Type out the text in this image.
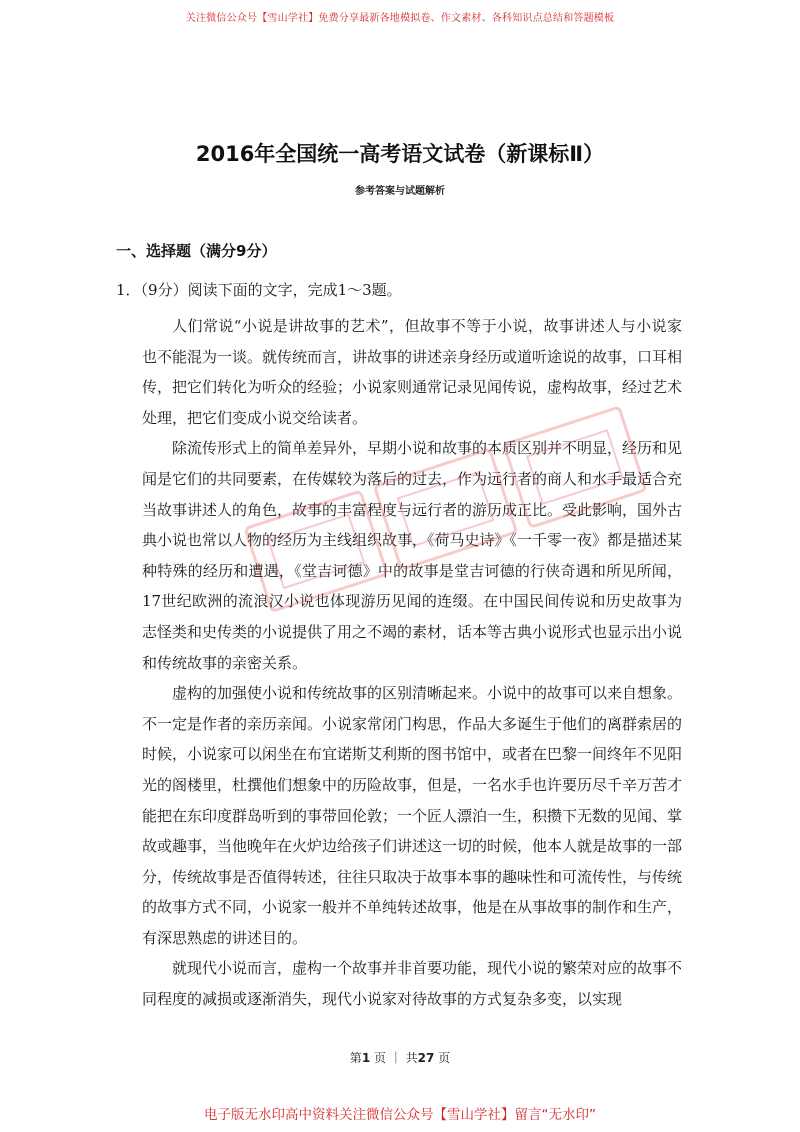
关注微信公众号【雪山学社】免费分享最新各地模拟卷、作文素材、各科知识点总结和答题模板
2016年全国统一高考语文试卷（新课标Ⅱ）
参考答案与试题解析
一、选择题（满分9分）
1．（9分）阅读下面的文字，完成1～3题。

人们常说“小说是讲故事的艺术”，但故事不等于小说，故事讲述人与小说家也不能混为一谈。就传统而言，讲故事的讲述亲身经历或道听途说的故事，口耳相传，把它们转化为听众的经验；小说家则通常记录见闻传说，虚构故事，经过艺术处理，把它们变成小说交给读者。

除流传形式上的简单差异外，早期小说和故事的本质区别并不明显，经历和见闻是它们的共同要素，在传媒较为落后的过去，作为远行者的商人和水手最适合充当故事讲述人的角色，故事的丰富程度与远行者的游历成正比。受此影响，国外古典小说也常以人物的经历为主线组织故事，《荷马史诗》《一千零一夜》都是描述某种特殊的经历和遭遇，《堂吉诃德》中的故事是堂吉诃德的行侠奇遇和所见所闻，17世纪欧洲的流浪汉小说也体现游历见闻的连缀。在中国民间传说和历史故事为志怪类和史传类的小说提供了用之不竭的素材，话本等古典小说形式也显示出小说和传统故事的亲密关系。

虚构的加强使小说和传统故事的区别清晰起来。小说中的故事可以来自想象。不一定是作者的亲历亲闻。小说家常闭门构思，作品大多诞生于他们的离群索居的时候，小说家可以闲坐在布宜诺斯艾利斯的图书馆中，或者在巴黎一间终年不见阳光的阁楼里，杜撰他们想象中的历险故事，但是，一名水手也许要历尽千辛万苦才能把在东印度群岛听到的事带回伦敦；一个匠人漂泊一生，积攒下无数的见闻、掌故或趣事，当他晚年在火炉边给孩子们讲述这一切的时候，他本人就是故事的一部分，传统故事是否值得转述，往往只取决于故事本事的趣味性和可流传性，与传统的故事方式不同，小说家一般并不单纯转述故事，他是在从事故事的制作和生产，有深思熟虑的讲述目的。

就现代小说而言，虚构一个故事并非首要功能，现代小说的繁荣对应的故事不同程度的减损或逐渐消失，现代小说家对待故事的方式复杂多变，以实现

第1 页 ｜ 共27 页
电子版无水印高中资料关注微信公众号【雪山学社】留言“无水印”
